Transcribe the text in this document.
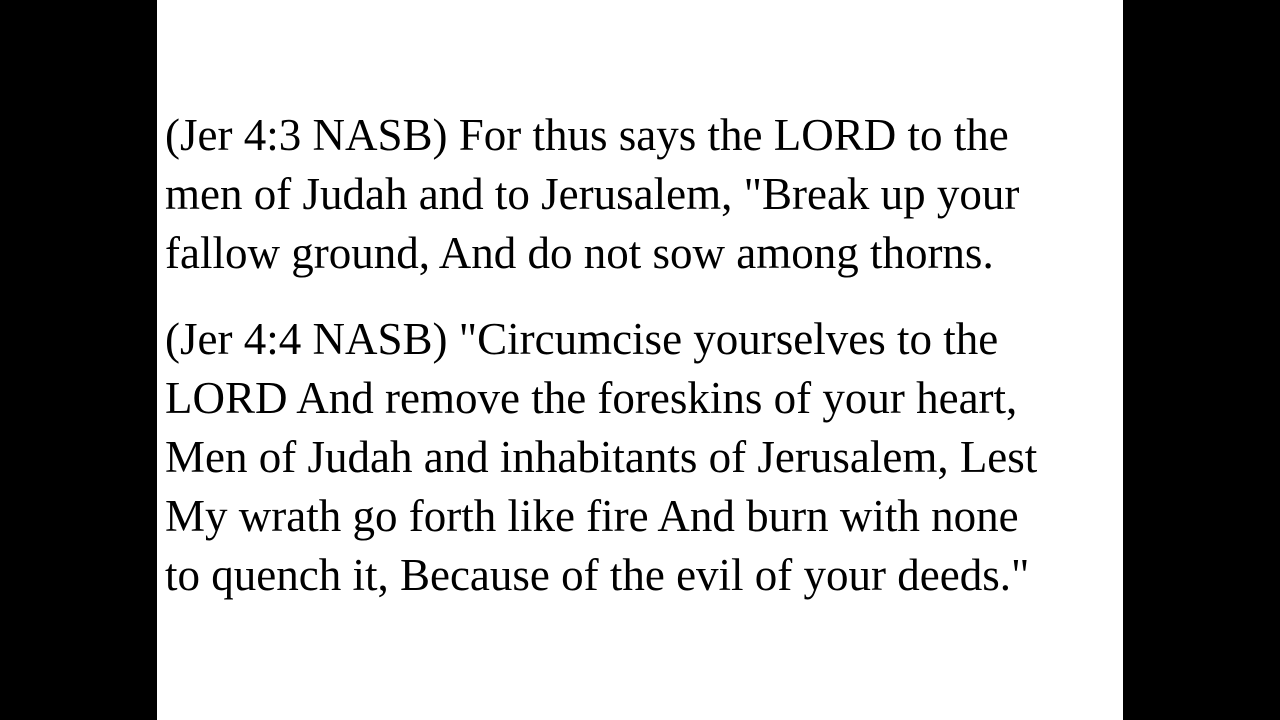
(Jer 4:3 NASB) For thus says the LORD to the
men of Judah and to Jerusalem, "Break up your
fallow ground, And do not sow among thorns.

(Jer 4:4 NASB) "Circumcise yourselves to the
LORD And remove the foreskins of your heart,
Men of Judah and inhabitants of Jerusalem, Lest
My wrath go forth like fire And burn with none
to quench it, Because of the evil of your deeds."
